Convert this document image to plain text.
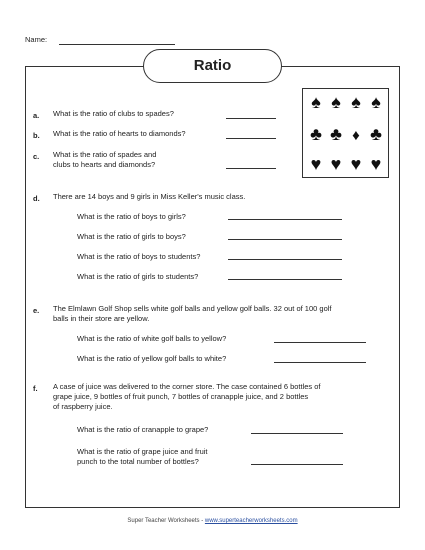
Name:
Ratio
♠ ♠ ♠ ♠
♣ ♣ ♦ ♣
♥ ♥ ♥ ♥
a. What is the ratio of clubs to spades?
b. What is the ratio of hearts to diamonds?
c. What is the ratio of spades and
clubs to hearts and diamonds?
d. There are 14 boys and 9 girls in Miss Keller's music class.
What is the ratio of boys to girls?
What is the ratio of girls to boys?
What is the ratio of boys to students?
What is the ratio of girls to students?
e. The Elmlawn Golf Shop sells white golf balls and yellow golf balls. 32 out of 100 golf
balls in their store are yellow.
What is the ratio of white golf balls to yellow?
What is the ratio of yellow golf balls to white?
f. A case of juice was delivered to the corner store. The case contained 6 bottles of
grape juice, 9 bottles of fruit punch, 7 bottles of cranapple juice, and 2 bottles
of raspberry juice.
What is the ratio of cranapple to grape?
What is the ratio of grape juice and fruit
punch to the total number of bottles?
Super Teacher Worksheets - www.superteacherworksheets.com
